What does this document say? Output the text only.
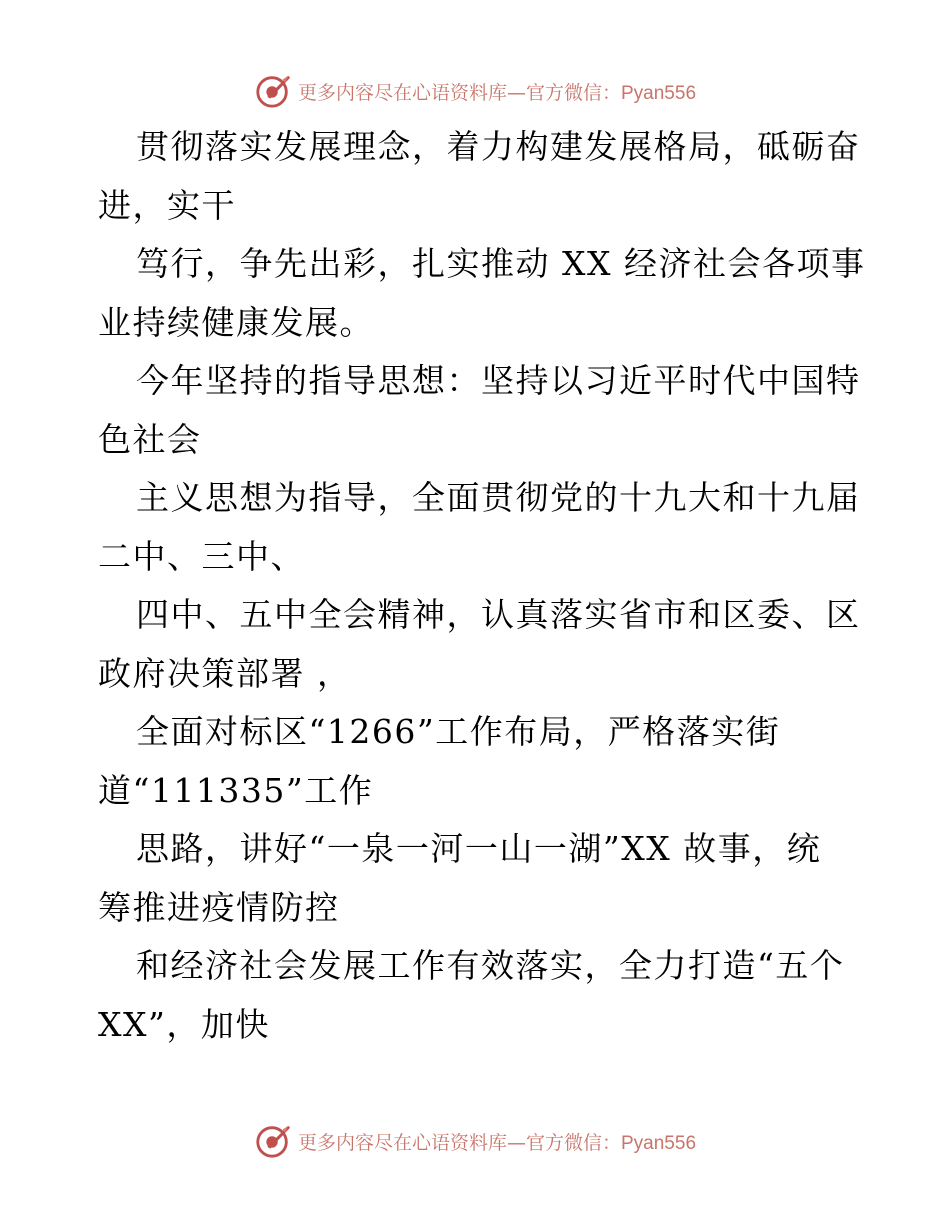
更多内容尽在心语资料库—官方微信：Pyan556
贯彻落实发展理念，着力构建发展格局，砥砺奋
进，实干
笃行，争先出彩，扎实推动 XX 经济社会各项事
业持续健康发展。
今年坚持的指导思想：坚持以习近平时代中国特
色社会
主义思想为指导，全面贯彻党的十九大和十九届
二中、三中、
四中、五中全会精神，认真落实省市和区委、区
政府决策部署 ，
全面对标区“1266”工作布局，严格落实街
道“111335”工作
思路，讲好“一泉一河一山一湖”XX 故事，统
筹推进疫情防控
和经济社会发展工作有效落实，全力打造“五个
XX”，加快
更多内容尽在心语资料库—官方微信：Pyan556
